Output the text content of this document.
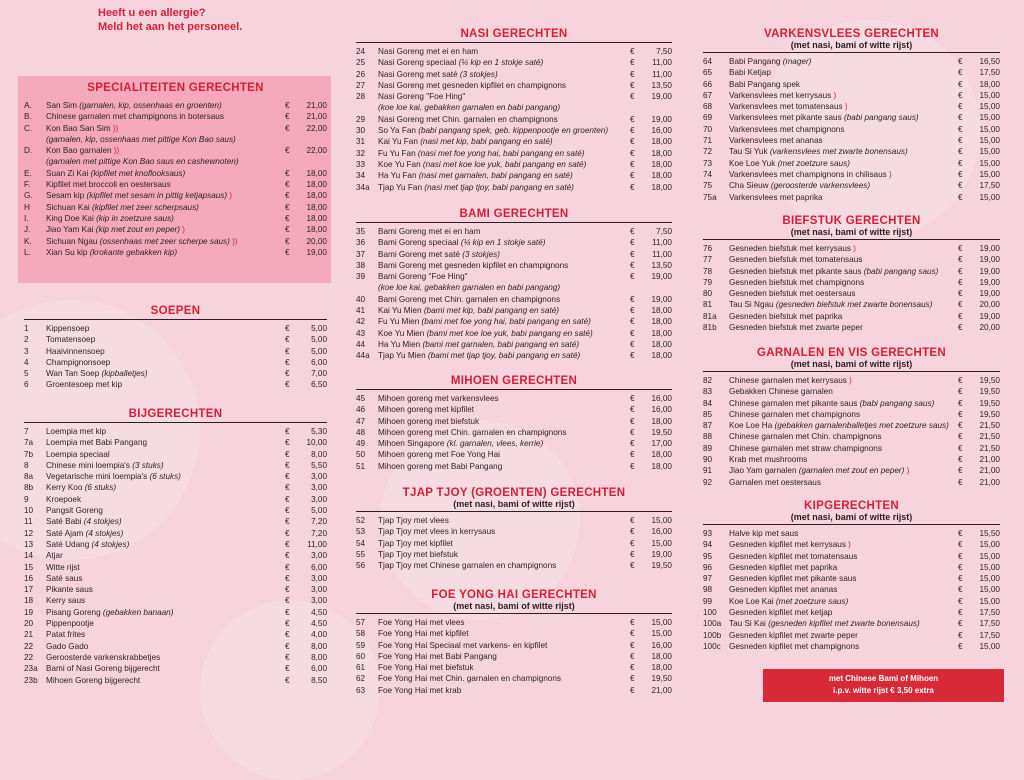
Heeft u een allergie?
Meld het aan het personeel.
SPECIALITEITEN GERECHTEN
A.	San Sim (garnalen, kip, ossenhaas en groenten)	€	21,00
B.	Chinese garnalen met champignons in botersaus	€	21,00
C.	Kon Bao San Sim ))	€	22,00
(garnalen, kip, ossenhaas met pittige Kon Bao saus)
D.	Kon Bao garnalen ))	€	22,00
(garnalen met pittige Kon Bao saus en cashewnoten)
E.	Suan Zi Kai (kipfilet met knoflooksaus)	€	18,00
F.	Kipfilet met broccoli en oestersaus	€	18,00
G.	Sesam kip (kipfilet met sesam in pittig ketjapsaus) )	€	18,00
H	Sichuan Kai (kipfilet met zeer scherpsaus)	€	18,00
I.	King Doe Kai (kip in zoetzure saus)	€	18,00
J.	Jiao Yam Kai (kip met zout en peper) )	€	18,00
K.	Sichuan Ngau (ossenhaas met zeer scherpe saus) ))	€	20,00
L.	Xian Su kip (krokante gebakken kip)	€	19,00
SOEPEN
1	Kippensoep	€	5,00
2	Tomatensoep	€	5,00
3	Haaivinnensoep	€	5,00
4	Champignonsoep	€	6,00
5	Wan Tan Soep (kipballetjes)	€	7,00
6	Groentesoep met kip	€	6,50
BIJGERECHTEN
7	Loempia met kip	€	5,30
7a	Loempia met Babi Pangang	€	10,00
7b	Loempia speciaal	€	8,00
8	Chinese mini loempia's (3 stuks)	€	5,50
8a	Vegetarische mini loempia's (6 stuks)	€	3,00
8b	Kerry Koo (6 stuks)	€	3,00
9	Kroepoek	€	3,00
10	Pangsit Goreng	€	5,00
11	Saté Babi (4 stokjes)	€	7,20
12	Saté Ajam (4 stokjes)	€	7,20
13	Saté Udang (4 stokjes)	€	11,00
14	Atjar	€	3,00
15	Witte rijst	€	6,00
16	Saté saus	€	3,00
17	Pikante saus	€	3,00
18	Kerry saus	€	3,00
19	Pisang Goreng (gebakken banaan)	€	4,50
20	Pippenpootje	€	4,50
21	Patat frites	€	4,00
22	Gado Gado	€	8,00
22	Geroosterde varkenskrabbetjes	€	8,00
23a	Bami of Nasi Goreng bijgerecht	€	6,00
23b	Mihoen Goreng bijgerecht	€	8,50
NASI GERECHTEN
24	Nasi Goreng met ei en ham	€	7,50
25	Nasi Goreng speciaal (¼ kip en 1 stokje saté)	€	11,00
26	Nasi Goreng met saté (3 stokjes)	€	11,00
27	Nasi Goreng met gesneden kipfilet en champignons	€	13,50
28	Nasi Goreng "Foe Hing"	€	19,00
(koe loe kai, gebakken garnalen en babi pangang)
29	Nasi Goreng met Chin. garnalen en champignons	€	19,00
30	So Ya Fan (babi pangang spek, geb. kippenpootje en groenten)	€	16,00
31	Kai Yu Fan (nasi met kip, babi pangang en saté)	€	18,00
32	Fu Yu Fan (nasi met foe yong hai, babi pangang en saté)	€	18,00
33	Koe Yu Fan (nasi met koe loe yuk, babi pangang en saté)	€	18,00
34	Ha Yu Fan (nasi met garnalen, babi pangang en saté)	€	18,00
34a	Tjap Yu Fan (nasi met tjap tjoy, babi pangang en saté)	€	18,00
BAMI GERECHTEN
35	Bami Goreng met ei en ham	€	7,50
36	Bami Goreng speciaal (¼ kip en 1 stokje saté)	€	11,00
37	Bami Goreng met saté (3 stokjes)	€	11,00
38	Bami Goreng met gesneden kipfilet en champignons	€	13,50
39	Bami Goreng "Foe Hing"	€	19,00
(koe loe kai, gebakken garnalen en babi pangang)
40	Bami Goreng met Chin. garnalen en champignons	€	19,00
41	Kai Yu Mien (bami met kip, babi pangang en saté)	€	18,00
42	Fu Yu Mien (bami met foe yong hai, babi pangang en saté)	€	18,00
43	Koe Yu Mien (bami met koe loe yuk, babi pangang en saté)	€	18,00
44	Ha Yu Mien (bami met garnalen, babi pangang en saté)	€	18,00
44a	Tjap Yu Mien (bami met tjap tjoy, babi pangang en saté)	€	18,00
MIHOEN GERECHTEN
45	Mihoen goreng met varkensvlees	€	16,00
46	Mihoen goreng met kipfilet	€	16,00
47	Mihoen goreng met biefstuk	€	18,00
48	Mihoen goreng met Chin. garnalen en champignons	€	19,50
49	Mihoen Singapore (kl. garnalen, vlees, kerrie)	€	17,00
50	Mihoen goreng met Foe Yong Hai	€	18,00
51	Mihoen goreng met Babi Pangang	€	18,00
TJAP TJOY (GROENTEN) GERECHTEN
(met nasi, bami of witte rijst)
52	Tjap Tjoy met vlees	€	15,00
53	Tjap Tjoy met vlees in kerrysaus	€	16,00
54	Tjap Tjoy met kipfilet	€	15,00
55	Tjap Tjoy met biefstuk	€	19,00
56	Tjap Tjoy met Chinese garnalen en champignons	€	19,50
FOE YONG HAI GERECHTEN
(met nasi, bami of witte rijst)
57	Foe Yong Hai met vlees	€	15,00
58	Foe Yong Hai met kipfilet	€	15,00
59	Foe Yong Hai Speciaal met varkens- en kipfilet	€	16,00
60	Foe Yong Hai met Babi Pangang	€	18,00
61	Foe Yong Hai met biefstuk	€	18,00
62	Foe Yong Hai met Chin. garnalen en champignons	€	19,50
63	Foe Yong Hai met krab	€	21,00
VARKENSVLEES GERECHTEN
(met nasi, bami of witte rijst)
64	Babi Pangang (mager)	€	16,50
65	Babi Ketjap	€	17,50
66	Babi Pangang spek	€	18,00
67	Varkensvlees met kerrysaus )	€	15,00
68	Varkensvlees met tomatensaus )	€	15,00
69	Varkensvlees met pikante saus (babi pangang saus)	€	15,00
70	Varkensvlees met champignons	€	15,00
71	Varkensvlees met ananas	€	15,00
72	Tau Si Yuk (varkensvlees met zwarte bonensaus)	€	15,00
73	Koe Loe Yuk (met zoetzure saus)	€	15,00
74	Varkensvlees met champignons in chilisaus )	€	15,00
75	Cha Sieuw (geroosterde varkensvlees)	€	17,50
75a	Varkensvlees met paprika	€	15,00
BIEFSTUK GERECHTEN
(met nasi, bami of witte rijst)
76	Gesneden biefstuk met kerrysaus )	€	19,00
77	Gesneden biefstuk met tomatensaus	€	19,00
78	Gesneden biefstuk met pikante saus (babi pangang saus)	€	19,00
79	Gesneden biefstuk met champignons	€	19,00
80	Gesneden biefstuk met oestersaus	€	19,00
81	Tau Si Ngau (gesneden biefstuk met zwarte bonensaus)	€	20,00
81a	Gesneden biefstuk met paprika	€	19,00
81b	Gesneden biefstuk met zwarte peper	€	20,00
GARNALEN EN VIS GERECHTEN
(met nasi, bami of witte rijst)
82	Chinese garnalen met kerrysaus )	€	19,50
83	Gebakken Chinese garnalen	€	19,50
84	Chinese garnalen met pikante saus (babi pangang saus)	€	19,50
85	Chinese garnalen met champignons	€	19,50
87	Koe Loe Ha (gebakken garnalenballetjes met zoetzure saus)	€	21,50
88	Chinese garnalen met Chin. champignons	€	21,50
89	Chinese garnalen met straw champignons	€	21,50
90	Krab met mushrooms	€	21,00
91	Jiao Yam garnalen (garnalen met zout en peper) )	€	21,00
92	Garnalen met oestersaus	€	21,00
KIPGERECHTEN
(met nasi, bami of witte rijst)
93	Halve kip met saus	€	15,50
94	Gesneden kipfilet met kerrysaus )	€	15,00
95	Gesneden kipfilet met tomatensaus	€	15,00
96	Gesneden kipfilet met paprika	€	15,00
97	Gesneden kipfilet met pikante saus	€	15,00
98	Gesneden kipfilet met ananas	€	15,00
99	Koe Loe Kai (met zoetzure saus)	€	15,00
100	Gesneden kipfilet met ketjap	€	17,50
100a Tau Si Kai (gesneden kipfilet met zwarte bonensaus)	€	17,50
100b Gesneden kipfilet met zwarte peper	€	17,50
100c	Gesneden kipfilet met champignons	€	15,00
met Chinese Bami of Mihoen
i.p.v. witte rijst € 3,50 extra
